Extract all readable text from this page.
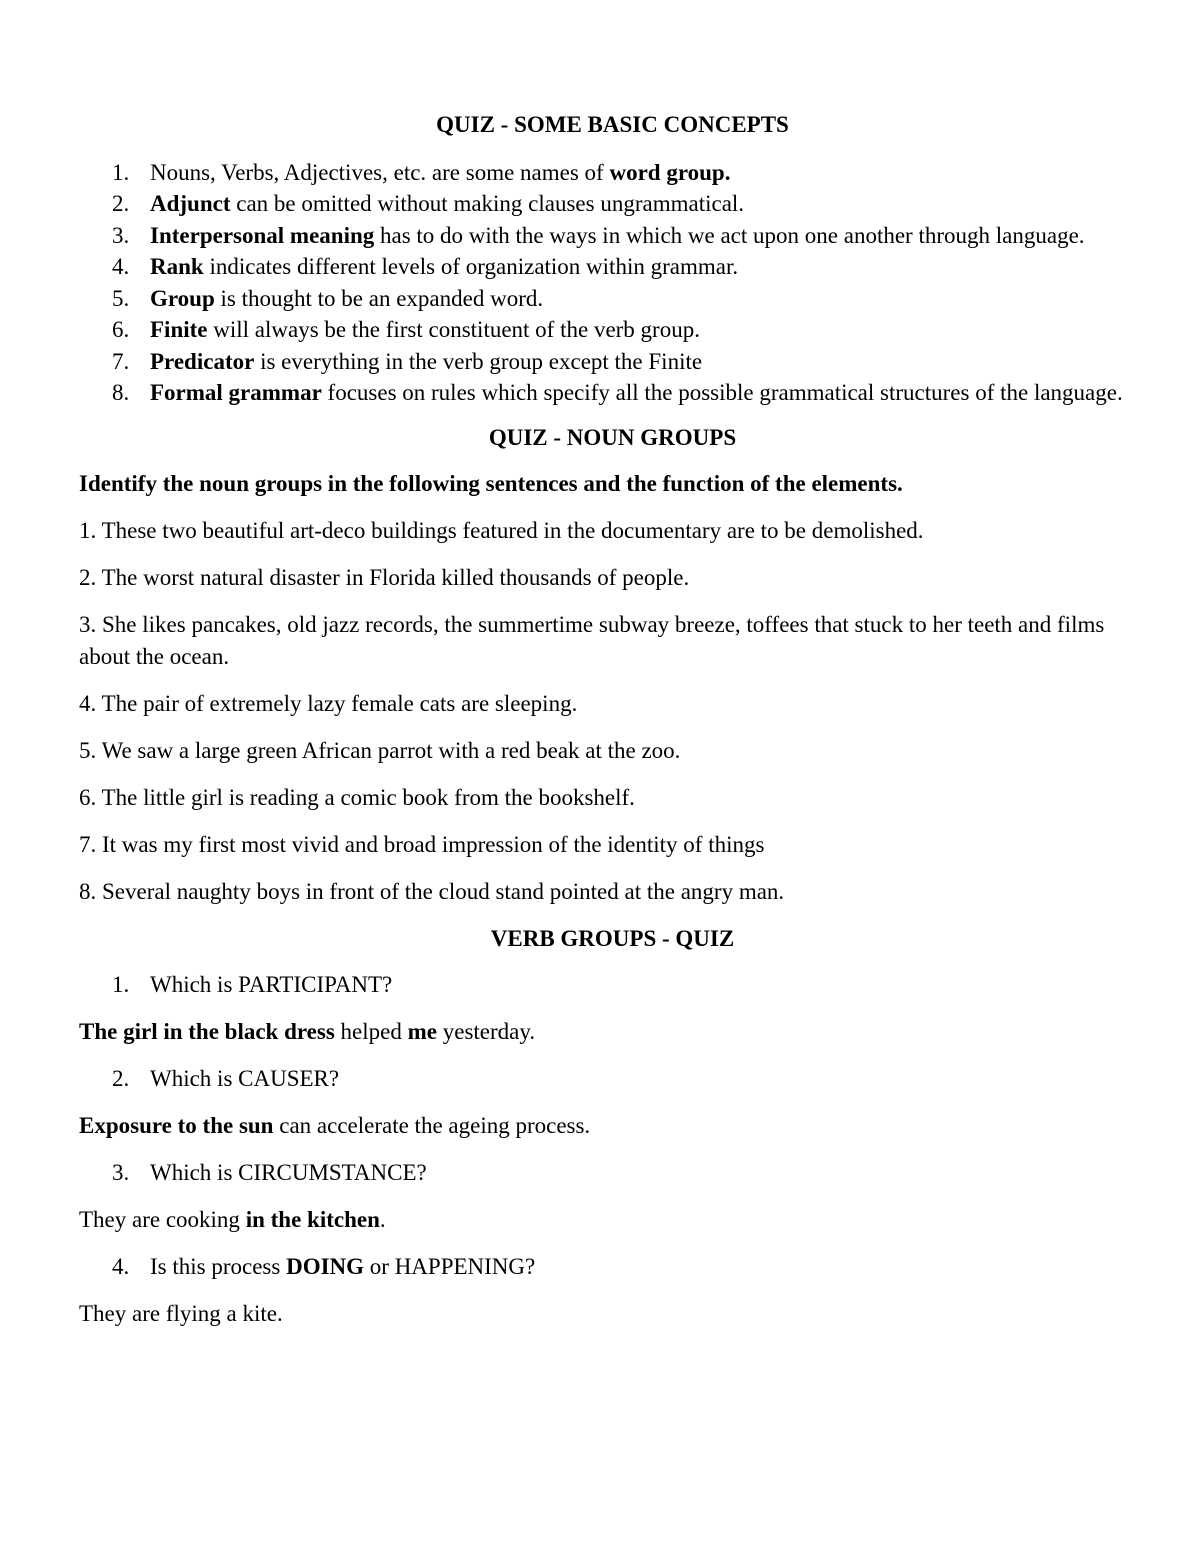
QUIZ - SOME BASIC CONCEPTS

1. Nouns, Verbs, Adjectives, etc. are some names of word group.
2. Adjunct can be omitted without making clauses ungrammatical.
3. Interpersonal meaning has to do with the ways in which we act upon one another through language.
4. Rank indicates different levels of organization within grammar.
5. Group is thought to be an expanded word.
6. Finite will always be the first constituent of the verb group.
7. Predicator is everything in the verb group except the Finite
8. Formal grammar focuses on rules which specify all the possible grammatical structures of the language.

QUIZ - NOUN GROUPS

Identify the noun groups in the following sentences and the function of the elements.

1. These two beautiful art-deco buildings featured in the documentary are to be demolished.

2. The worst natural disaster in Florida killed thousands of people.

3. She likes pancakes, old jazz records, the summertime subway breeze, toffees that stuck to her teeth and films about the ocean.

4. The pair of extremely lazy female cats are sleeping.

5. We saw a large green African parrot with a red beak at the zoo.

6. The little girl is reading a comic book from the bookshelf.

7. It was my first most vivid and broad impression of the identity of things

8. Several naughty boys in front of the cloud stand pointed at the angry man.

VERB GROUPS - QUIZ

1. Which is PARTICIPANT?

The girl in the black dress helped me yesterday.

2. Which is CAUSER?

Exposure to the sun can accelerate the ageing process.

3. Which is CIRCUMSTANCE?

They are cooking in the kitchen.

4. Is this process DOING or HAPPENING?

They are flying a kite.
